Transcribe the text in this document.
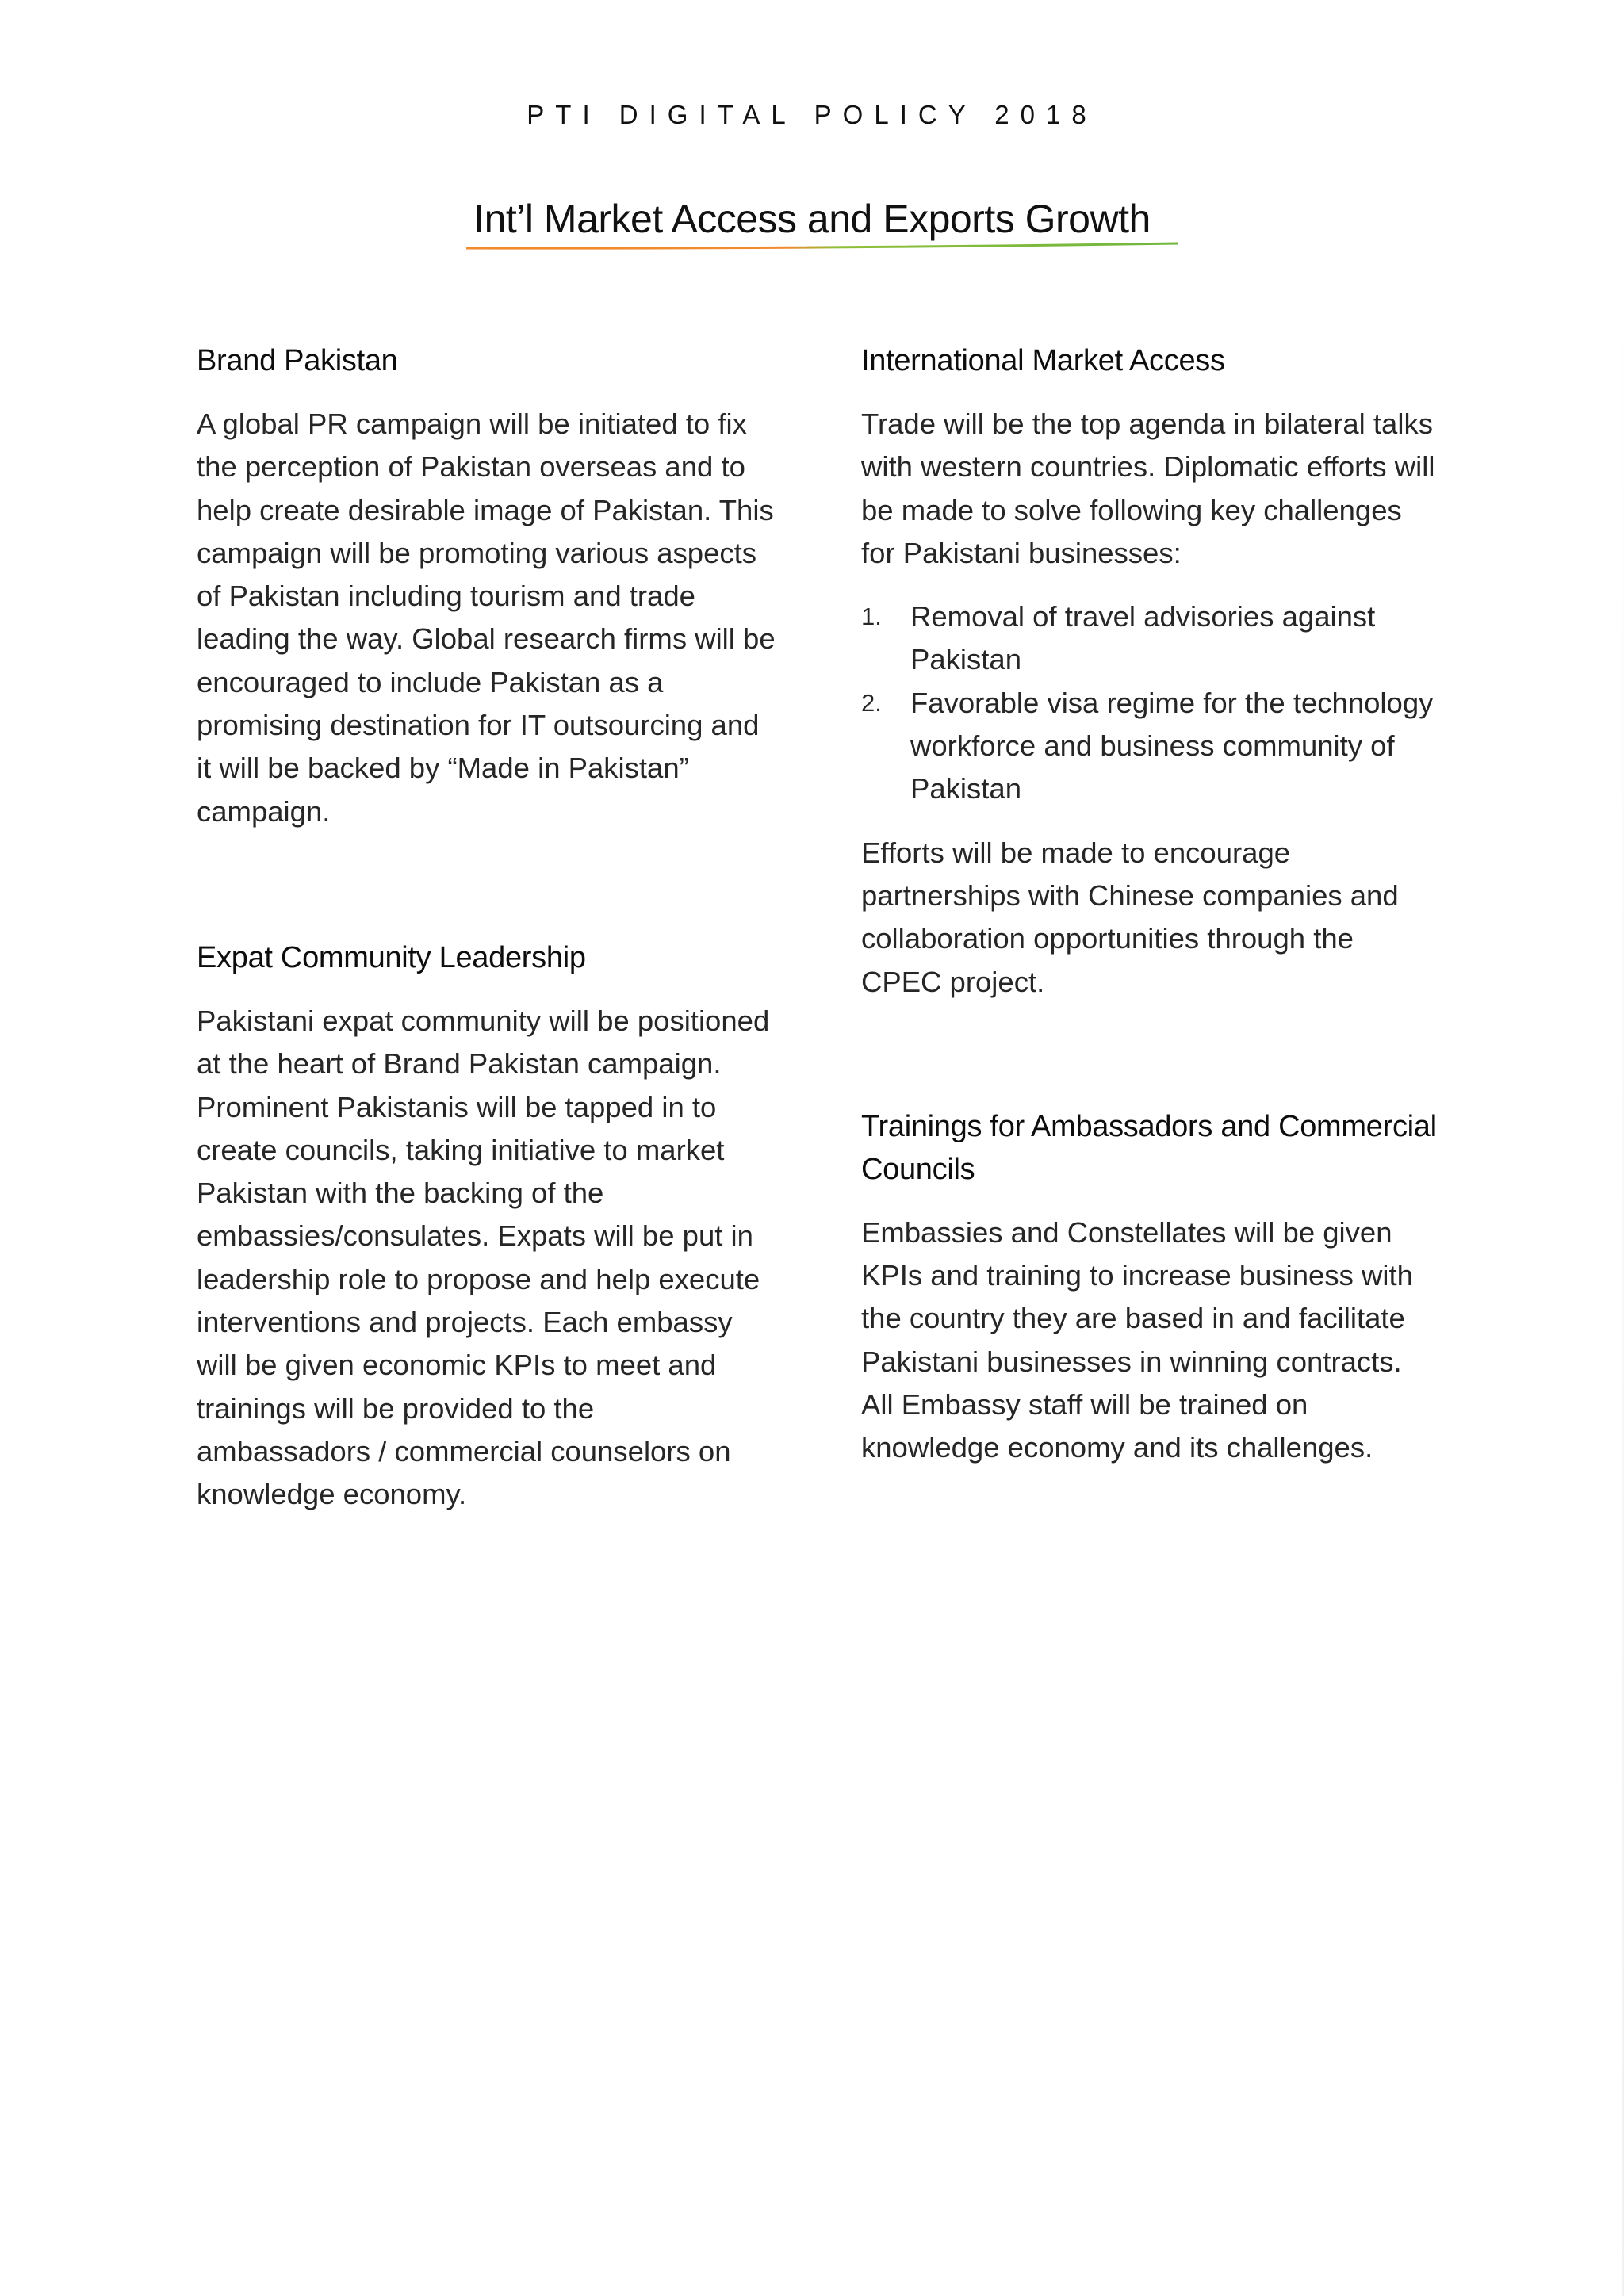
PTI DIGITAL POLICY 2018
Int’l Market Access and Exports Growth
Brand Pakistan

A global PR campaign will be initiated to fix the perception of Pakistan overseas and to help create desirable image of Pakistan. This campaign will be promoting various aspects of Pakistan including tourism and trade leading the way. Global research firms will be encouraged to include Pakistan as a promising destination for IT outsourcing and it will be backed by “Made in Pakistan” campaign.

Expat Community Leadership

Pakistani expat community will be positioned at the heart of Brand Pakistan campaign. Prominent Pakistanis will be tapped in to create councils, taking initiative to market Pakistan with the backing of the embassies/consulates. Expats will be put in leadership role to propose and help execute interventions and projects. Each embassy will be given economic KPIs to meet and trainings will be provided to the ambassadors / commercial counselors on knowledge economy.

International Market Access

Trade will be the top agenda in bilateral talks with western countries. Diplomatic efforts will be made to solve following key challenges for Pakistani businesses:

1. Removal of travel advisories against Pakistan
2. Favorable visa regime for the technology workforce and business community of Pakistan

Efforts will be made to encourage partnerships with Chinese companies and collaboration opportunities through the CPEC project.

Trainings for Ambassadors and Commercial Councils

Embassies and Constellates will be given KPIs and training to increase business with the country they are based in and facilitate Pakistani businesses in winning contracts. All Embassy staff will be trained on knowledge economy and its challenges.
